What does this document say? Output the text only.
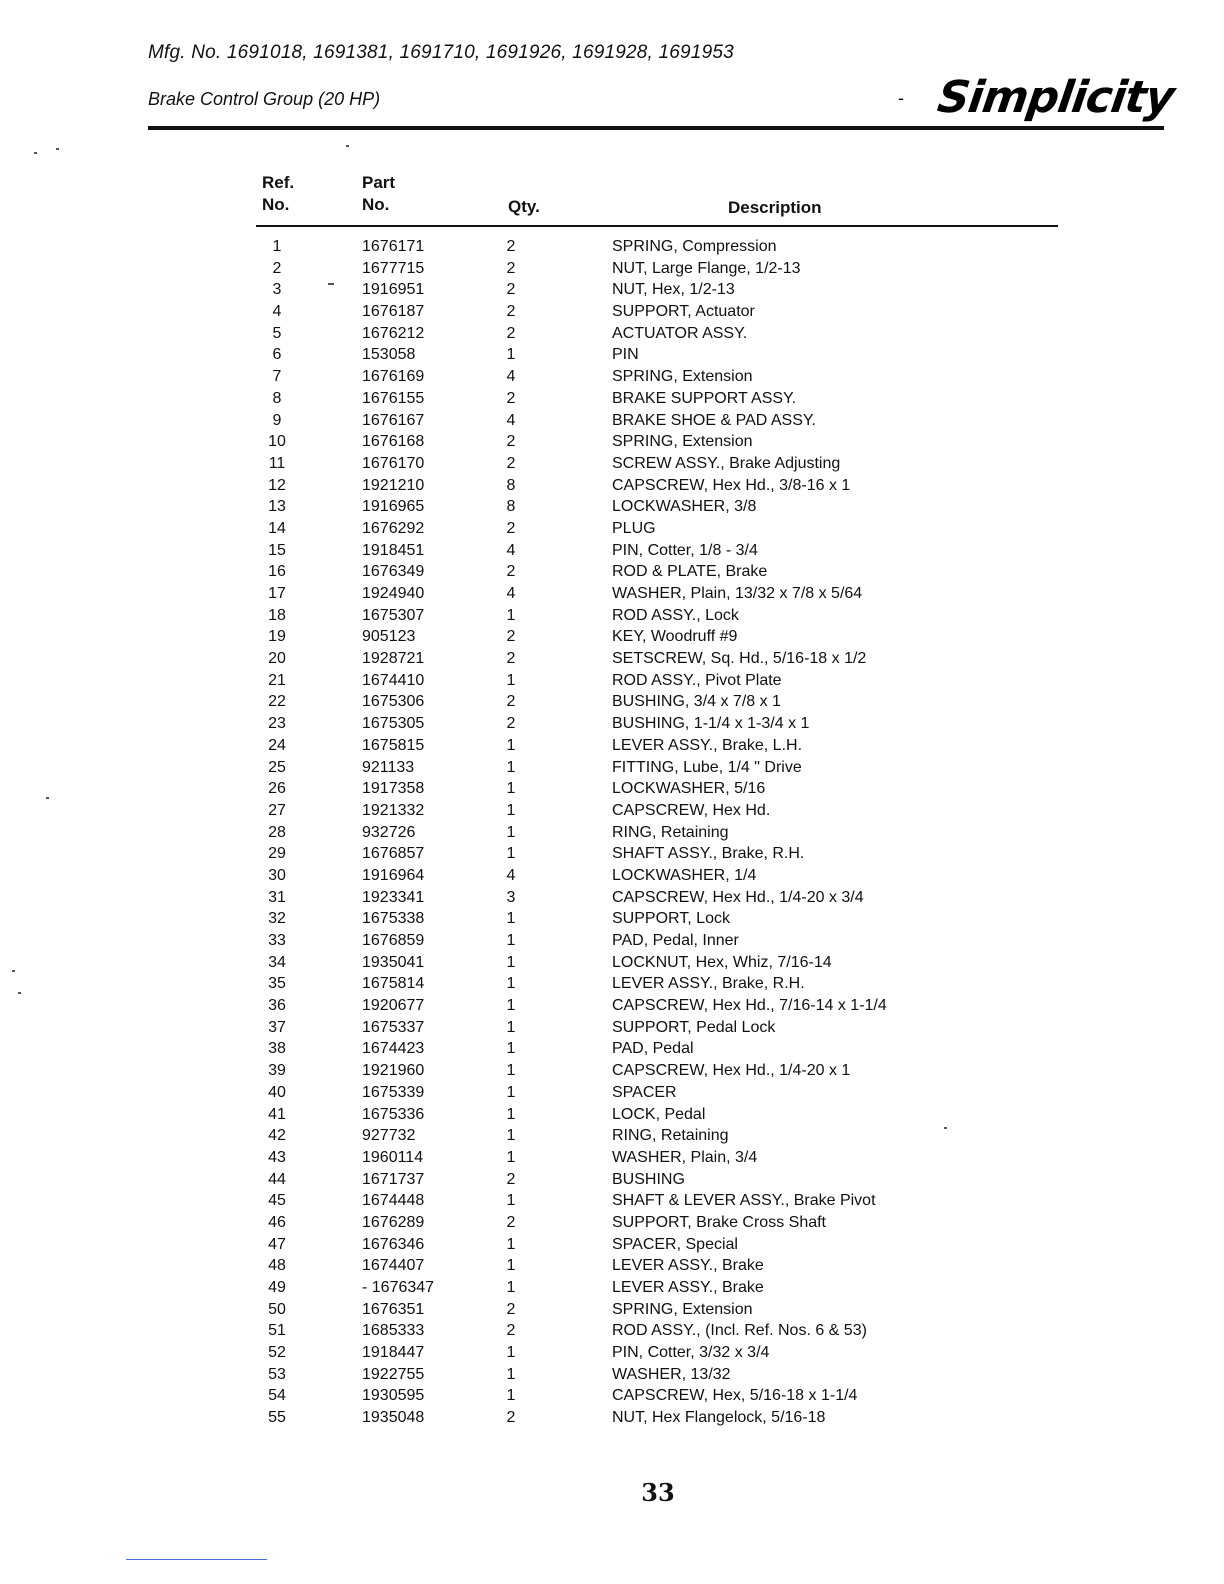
Mfg. No. 1691018, 1691381, 1691710, 1691926, 1691928, 1691953
Brake Control Group (20 HP)	- Simplicity
Ref.
No.
Part
No.	Qty.	Description
1	1676171	2	SPRING, Compression
2	1677715	2	NUT, Large Flange, 1/2-13
3	1916951	2	NUT, Hex, 1/2-13
4	1676187	2	SUPPORT, Actuator
5	1676212	2	ACTUATOR ASSY.
6	153058	1	PIN
7	1676169	4	SPRING, Extension
8	1676155	2	BRAKE SUPPORT ASSY.
9	1676167	4	BRAKE SHOE & PAD ASSY.
10	1676168	2	SPRING, Extension
11	1676170	2	SCREW ASSY., Brake Adjusting
12	1921210	8	CAPSCREW, Hex Hd., 3/8-16 x 1
13	1916965	8	LOCKWASHER, 3/8
14	1676292	2	PLUG
15	1918451	4	PIN, Cotter, 1/8 - 3/4
16	1676349	2	ROD & PLATE, Brake
17	1924940	4	WASHER, Plain, 13/32 x 7/8 x 5/64
18	1675307	1	ROD ASSY., Lock
19	905123	2	KEY, Woodruff #9
20	1928721	2	SETSCREW, Sq. Hd., 5/16-18 x 1/2
21	1674410	1	ROD ASSY., Pivot Plate
22	1675306	2	BUSHING, 3/4 x 7/8 x 1
23	1675305	2	BUSHING, 1-1/4 x 1-3/4 x 1
24	1675815	1	LEVER ASSY., Brake, L.H.
25	921133	1	FITTING, Lube, 1/4 " Drive
26	1917358	1	LOCKWASHER, 5/16
27	1921332	1	CAPSCREW, Hex Hd.
28	932726	1	RING, Retaining
29	1676857	1	SHAFT ASSY., Brake, R.H.
30	1916964	4	LOCKWASHER, 1/4
31	1923341	3	CAPSCREW, Hex Hd., 1/4-20 x 3/4
32	1675338	1	SUPPORT, Lock
33	1676859	1	PAD, Pedal, Inner
34	1935041	1	LOCKNUT, Hex, Whiz, 7/16-14
35	1675814	1	LEVER ASSY., Brake, R.H.
36	1920677	1	CAPSCREW, Hex Hd., 7/16-14 x 1-1/4
37	1675337	1	SUPPORT, Pedal Lock
38	1674423	1	PAD, Pedal
39	1921960	1	CAPSCREW, Hex Hd., 1/4-20 x 1
40	1675339	1	SPACER
41	1675336	1	LOCK, Pedal
42	927732	1	RING, Retaining
43	1960114	1	WASHER, Plain, 3/4
44	1671737	2	BUSHING
45	1674448	1	SHAFT & LEVER ASSY., Brake Pivot
46	1676289	2	SUPPORT, Brake Cross Shaft
47	1676346	1	SPACER, Special
48	1674407	1	LEVER ASSY., Brake
49	- 1676347	1	LEVER ASSY., Brake
50	1676351	2	SPRING, Extension
51	1685333	2	ROD ASSY., (Incl. Ref. Nos. 6 & 53)
52	1918447	1	PIN, Cotter, 3/32 x 3/4
53	1922755	1	WASHER, 13/32
54	1930595	1	CAPSCREW, Hex, 5/16-18 x 1-1/4
55	1935048	2	NUT, Hex Flangelock, 5/16-18
33
